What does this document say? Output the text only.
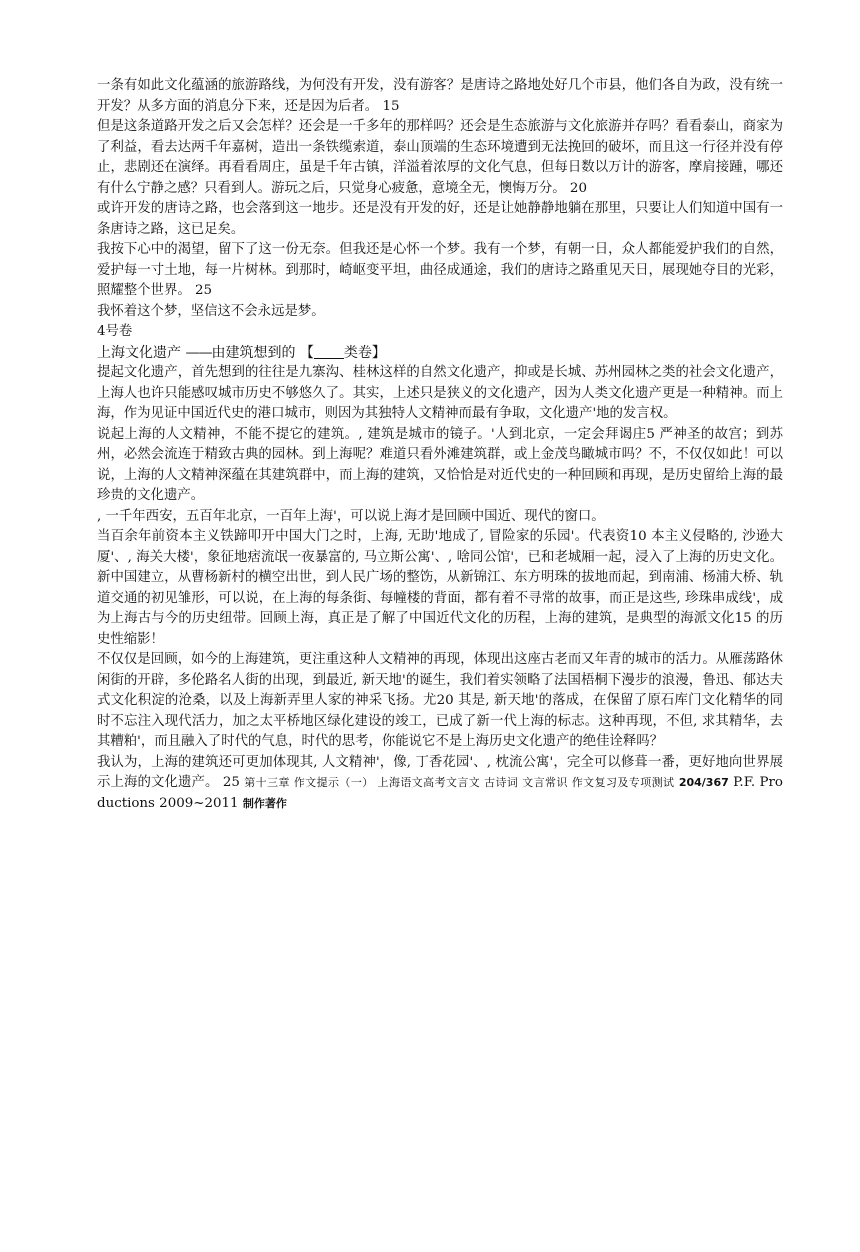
一条有如此文化蕴涵的旅游路线，为何没有开发，没有游客？是唐诗之路地处好几个市县，他们各自为政，没有统一开发？从多方面的消息分下来，还是因为后者。 15

但是这条道路开发之后又会怎样？还会是一千多年的那样吗？还会是生态旅游与文化旅游并存吗？看看泰山，商家为了利益，看去达两千年嘉树，造出一条铁缆索道，泰山顶端的生态环境遭到无法挽回的破坏，而且这一行径并没有停止，悲剧还在演绎。再看看周庄，虽是千年古镇，洋溢着浓厚的文化气息，但每日数以万计的游客，摩肩接踵，哪还有什么宁静之感？只看到人。游玩之后，只觉身心疲惫，意境全无，懊悔万分。 20

或许开发的唐诗之路，也会落到这一地步。还是没有开发的好，还是让她静静地躺在那里，只要让人们知道中国有一条唐诗之路，这已足矣。

我按下心中的渴望，留下了这一份无奈。但我还是心怀一个梦。我有一个梦，有朝一日，众人都能爱护我们的自然，爱护每一寸土地，每一片树林。到那时，崎岖变平坦，曲径成通途，我们的唐诗之路重见天日，展现她夺目的光彩，照耀整个世界。 25

我怀着这个梦，坚信这不会永远是梦。

4号卷

上海文化遗产 ——由建筑想到的 【 类卷】

提起文化遗产，首先想到的往往是九寨沟、桂林这样的自然文化遗产，抑或是长城、苏州园林之类的社会文化遗产，上海人也许只能感叹城市历史不够悠久了。其实，上述只是狭义的文化遗产，因为人类文化遗产更是一种精神。而上海，作为见证中国近代史的港口城市，则因为其独特人文精神而最有争取，文化遗产'地的发言权。

说起上海的人文精神，不能不提它的建筑。, 建筑是城市的镜子。'人到北京，一定会拜谒庄5 严神圣的故宫；到苏州，必然会流连于精致古典的园林。到上海呢？难道只看外滩建筑群，或上金茂鸟瞰城市吗？不，不仅仅如此！可以说，上海的人文精神深蕴在其建筑群中，而上海的建筑，又恰恰是对近代史的一种回顾和再现，是历史留给上海的最珍贵的文化遗产。

, 一千年西安，五百年北京，一百年上海'，可以说上海才是回顾中国近、现代的窗口。

当百余年前资本主义铁蹄叩开中国大门之时，上海, 无助'地成了, 冒险家的乐园'。代表资10 本主义侵略的, 沙逊大厦'、, 海关大楼'，象征地痞流氓一夜暴富的, 马立斯公寓'、, 啥同公馆'，已和老城厢一起，浸入了上海的历史文化。新中国建立，从曹杨新村的横空出世，到人民广场的整饬，从新锦江、东方明珠的拔地而起，到南浦、杨浦大桥、轨道交通的初见雏形，可以说，在上海的每条街、每幢楼的背面，都有着不寻常的故事，而正是这些, 珍珠串成线'，成为上海古与今的历史纽带。回顾上海，真正是了解了中国近代文化的历程，上海的建筑，是典型的海派文化15 的历史性缩影！

不仅仅是回顾，如今的上海建筑，更注重这种人文精神的再现，体现出这座古老而又年青的城市的活力。从雁荡路休闲街的开辟，多伦路名人街的出现，到最近, 新天地'的诞生，我们着实领略了法国梧桐下漫步的浪漫，鲁迅、郁达夫式文化积淀的沧桑，以及上海新弄里人家的神采飞扬。尤20 其是, 新天地'的落成，在保留了原石库门文化精华的同时不忘注入现代活力，加之太平桥地区绿化建设的竣工，已成了新一代上海的标志。这种再现，不但, 求其精华，去其糟粕'，而且融入了时代的气息，时代的思考，你能说它不是上海历史文化遗产的绝佳诠释吗？

我认为，上海的建筑还可更加体现其, 人文精神'，像, 丁香花园'、, 枕流公寓'，完全可以修葺一番，更好地向世界展示上海的文化遗产。 25 第十三章 作文提示（一） 上海语文高考文言文 古诗词 文言常识 作文复习及专项测试 204/367 P.F. Productions 2009~2011 制作著作
